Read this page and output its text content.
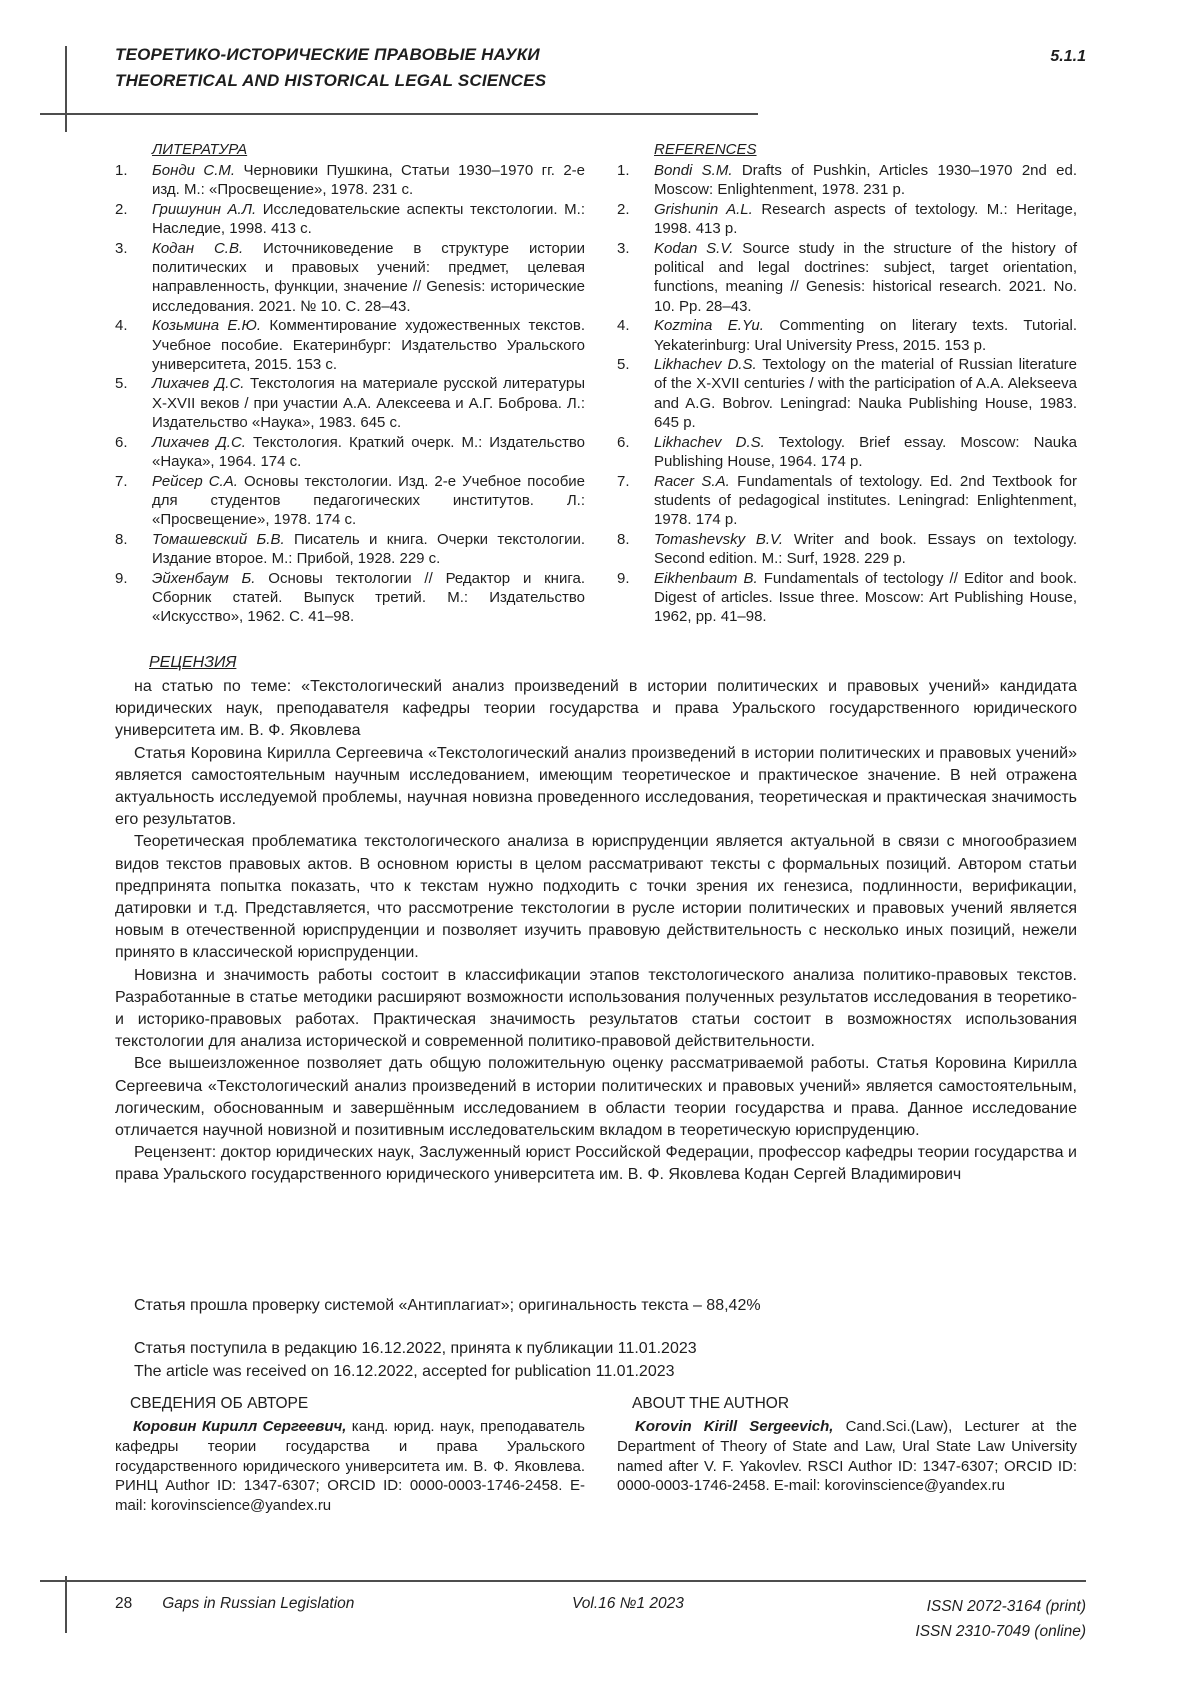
ТЕОРЕТИКО-ИСТОРИЧЕСКИЕ ПРАВОВЫЕ НАУКИ
THEORETICAL AND HISTORICAL LEGAL SCIENCES
5.1.1
ЛИТЕРАТУРА
1.	Бонди С.М. Черновики Пушкина, Статьи 1930–1970 гг. 2-е изд. М.: «Просвещение», 1978. 231 с.
2.	Гришунин А.Л. Исследовательские аспекты текстологии. М.: Наследие, 1998. 413 с.
3.	Кодан С.В. Источниковедение в структуре истории политических и правовых учений: предмет, целевая направленность, функции, значение // Genesis: исторические исследования. 2021. № 10. С. 28–43.
4.	Козьмина Е.Ю. Комментирование художественных текстов. Учебное пособие. Екатеринбург: Издательство Уральского университета, 2015. 153 с.
5.	Лихачев Д.С. Текстология на материале русской литературы X-XVII веков / при участии А.А. Алексеева и А.Г. Боброва. Л.: Издательство «Наука», 1983. 645 с.
6.	Лихачев Д.С. Текстология. Краткий очерк. М.: Издательство «Наука», 1964. 174 с.
7.	Рейсер С.А. Основы текстологии. Изд. 2-е Учебное пособие для студентов педагогических институтов. Л.: «Просвещение», 1978. 174 с.
8.	Томашевский Б.В. Писатель и книга. Очерки текстологии. Издание второе. М.: Прибой, 1928. 229 с.
9.	Эйхенбаум Б. Основы тектологии // Редактор и книга. Сборник статей. Выпуск третий. М.: Издательство «Искусство», 1962. С. 41–98.
REFERENCES
1.	Bondi S.M. Drafts of Pushkin, Articles 1930–1970 2nd ed. Moscow: Enlightenment, 1978. 231 p.
2.	Grishunin A.L. Research aspects of textology. M.: Heritage, 1998. 413 p.
3.	Kodan S.V. Source study in the structure of the history of political and legal doctrines: subject, target orientation, functions, meaning // Genesis: historical research. 2021. No. 10. Pp. 28–43.
4.	Kozmina E.Yu. Commenting on literary texts. Tutorial. Yekaterinburg: Ural University Press, 2015. 153 p.
5.	Likhachev D.S. Textology on the material of Russian literature of the X-XVII centuries / with the participation of A.A. Alekseeva and A.G. Bobrov. Leningrad: Nauka Publishing House, 1983. 645 p.
6.	Likhachev D.S. Textology. Brief essay. Moscow: Nauka Publishing House, 1964. 174 p.
7.	Racer S.A. Fundamentals of textology. Ed. 2nd Textbook for students of pedagogical institutes. Leningrad: Enlightenment, 1978. 174 p.
8.	Tomashevsky B.V. Writer and book. Essays on textology. Second edition. M.: Surf, 1928. 229 p.
9.	Eikhenbaum B. Fundamentals of tectology // Editor and book. Digest of articles. Issue three. Moscow: Art Publishing House, 1962, pp. 41–98.
РЕЦЕНЗИЯ

на статью по теме: «Текстологический анализ произведений в истории политических и правовых учений» кандидата юридических наук, преподавателя кафедры теории государства и права Уральского государственного юридического университета им. В. Ф. Яковлева

Статья Коровина Кирилла Сергеевича «Текстологический анализ произведений в истории политических и правовых учений» является самостоятельным научным исследованием, имеющим теоретическое и практическое значение. В ней отражена актуальность исследуемой проблемы, научная новизна проведенного исследования, теоретическая и практическая значимость его результатов.

Теоретическая проблематика текстологического анализа в юриспруденции является актуальной в связи с многообразием видов текстов правовых актов. В основном юристы в целом рассматривают тексты с формальных позиций. Автором статьи предпринята попытка показать, что к текстам нужно подходить с точки зрения их генезиса, подлинности, верификации, датировки и т.д. Представляется, что рассмотрение текстологии в русле истории политических и правовых учений является новым в отечественной юриспруденции и позволяет изучить правовую действительность с несколько иных позиций, нежели принято в классической юриспруденции.

Новизна и значимость работы состоит в классификации этапов текстологического анализа политико-правовых текстов. Разработанные в статье методики расширяют возможности использования полученных результатов исследования в теоретико- и историко-правовых работах. Практическая значимость результатов статьи состоит в возможностях использования текстологии для анализа исторической и современной политико-правовой действительности.

Все вышеизложенное позволяет дать общую положительную оценку рассматриваемой работы. Статья Коровина Кирилла Сергеевича «Текстологический анализ произведений в истории политических и правовых учений» является самостоятельным, логическим, обоснованным и завершённым исследованием в области теории государства и права. Данное исследование отличается научной новизной и позитивным исследовательским вкладом в теоретическую юриспруденцию.

Рецензент: доктор юридических наук, Заслуженный юрист Российской Федерации, профессор кафедры теории государства и права Уральского государственного юридического университета им. В. Ф. Яковлева Кодан Сергей Владимирович

Статья прошла проверку системой «Антиплагиат»; оригинальность текста – 88,42%
Статья поступила в редакцию 16.12.2022, принята к публикации 11.01.2023
The article was received on 16.12.2022, accepted for publication 11.01.2023
СВЕДЕНИЯ ОБ АВТОРЕ
Коровин Кирилл Сергеевич, канд. юрид. наук, преподаватель кафедры теории государства и права Уральского государственного юридического университета им. В. Ф. Яковлева. РИНЦ Author ID: 1347-6307; ORCID ID: 0000-0003-1746-2458. E-mail: korovinscience@yandex.ru
ABOUT THE AUTHOR
Korovin Kirill Sergeevich, Cand.Sci.(Law), Lecturer at the Department of Theory of State and Law, Ural State Law University named after V. F. Yakovlev. RSCI Author ID: 1347-6307; ORCID ID: 0000-0003-1746-2458. E-mail: korovinscience@yandex.ru
28 Gaps in Russian Legislation	Vol.16 №1 2023	ISSN 2072-3164 (print)
ISSN 2310-7049 (online)
